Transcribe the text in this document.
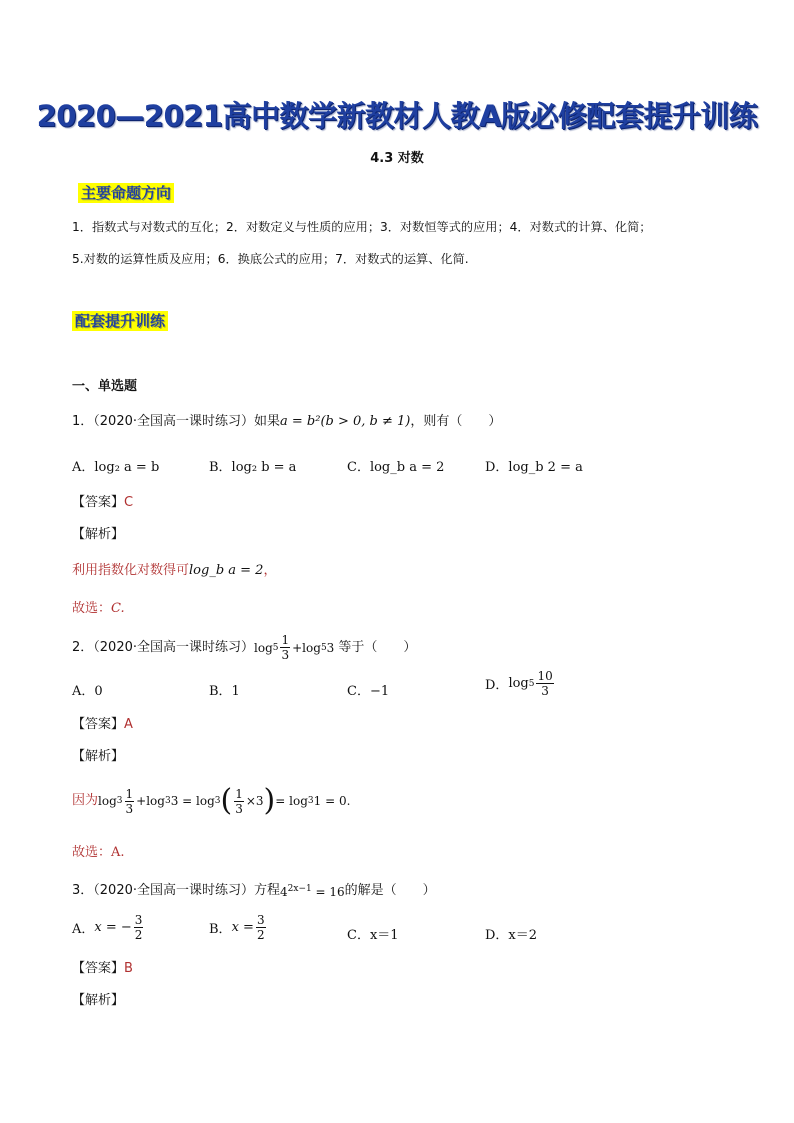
2020—2021高中数学新教材人教A版必修配套提升训练
4.3 对数
主要命题方向
1．指数式与对数式的互化；2．对数定义与性质的应用；3．对数恒等式的应用；4．对数式的计算、化简；
5.对数的运算性质及应用；6．换底公式的应用；7．对数式的运算、化简.
配套提升训练
一、单选题
1．（2020·全国高一课时练习）如果 a = b²(b > 0, b ≠ 1) ，则有（　　）
A．log₂ a = b	B．log₂ b = a	C．log_b a = 2	D．log_b 2 = a
【答案】C
【解析】
利用指数化对数得可 log_b a = 2 ，
故选：C.
2．（2020·全国高一课时练习） $\log 5 \frac{1}{3} +\log$ 5 3 等于（　　）
A．0	B．1	C．−1	D． $\log 5 \frac{10}{3}$
【答案】A
【解析】
因为 $\log 3 \frac{1}{3} +\log$ 3 3 = log 3 ( $\frac{1}{3} \times 3$ ) = log 3 1 = 0.
故选：A.
3．（2020·全国高一课时练习）方程 $4^{2x-1} = 16$ 的解是（　　）
A． x = − $\frac{3}{2}$	B． $x = \frac{3}{2}$	C．x＝1	D．x＝2
【答案】B
【解析】
